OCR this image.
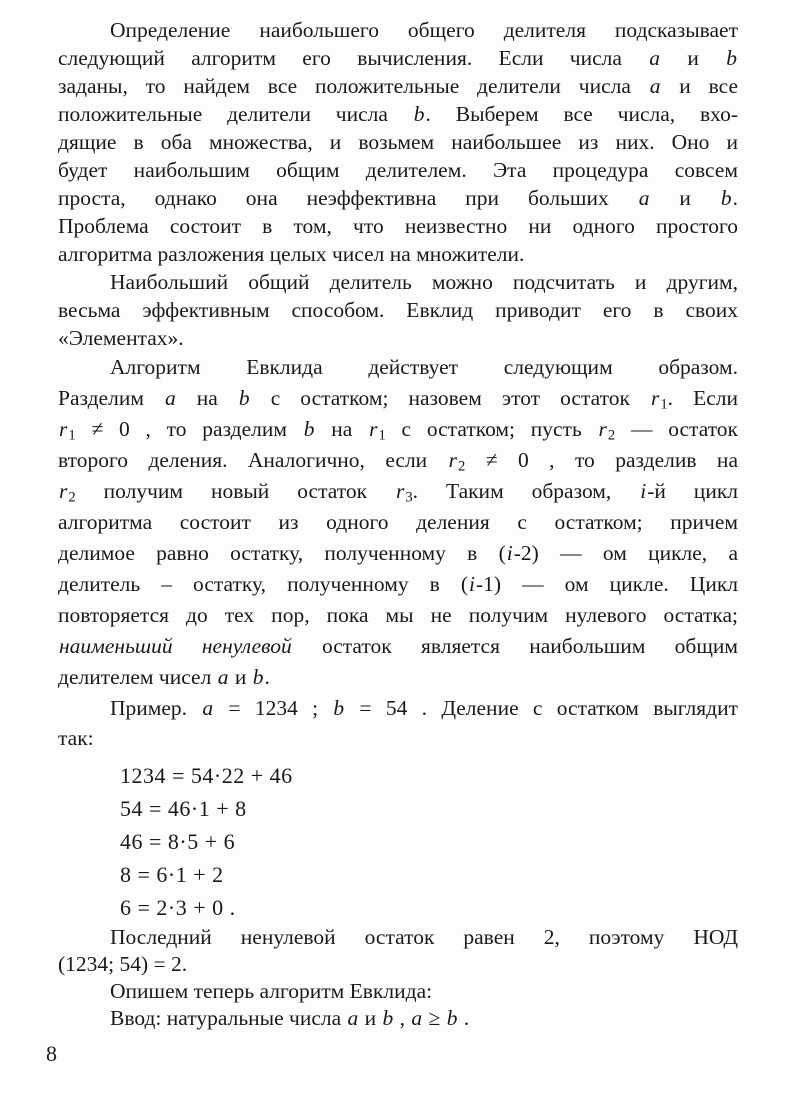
Определение наибольшего общего делителя подсказывает
следующий алгоритм его вычисления. Если числа a и b
заданы, то найдем все положительные делители числа a и все
положительные делители числа b. Выберем все числа, вхо-
дящие в оба множества, и возьмем наибольшее из них. Оно и
будет наибольшим общим делителем. Эта процедура совсем
проста, однако она неэффективна при больших a и b.
Проблема состоит в том, что неизвестно ни одного простого
алгоритма разложения целых чисел на множители.
Наибольший общий делитель можно подсчитать и другим,
весьма эффективным способом. Евклид приводит его в своих
«Элементах».
Алгоритм Евклида действует следующим образом.
Разделим a на b с остатком; назовем этот остаток $r_1$. Если
$r_1 \ne 0$ , то разделим b на $r_1$ с остатком; пусть $r_2$ — остаток
второго деления. Аналогично, если $r_2 \ne 0$ , то разделив на
$r_2$ получим новый остаток $r_3$. Таким образом, i-й цикл
алгоритма состоит из одного деления с остатком; причем
делимое равно остатку, полученному в (i-2) — ом цикле, а
делитель – остатку, полученному в (i-1) — ом цикле. Цикл
повторяется до тех пор, пока мы не получим нулевого остатка;
наименьший ненулевой остаток является наибольшим общим
делителем чисел a и b.
Пример. a = 1234 ; b = 54 . Деление с остатком выглядит
так:
1234 = 54·22 + 46
54 = 46·1 + 8
46 = 8·5 + 6
8 = 6·1 + 2
6 = 2·3 + 0 .
Последний ненулевой остаток равен 2, поэтому НОД
(1234; 54) = 2.
Опишем теперь алгоритм Евклида:
Ввод: натуральные числа a и b , a ≥ b .
8
